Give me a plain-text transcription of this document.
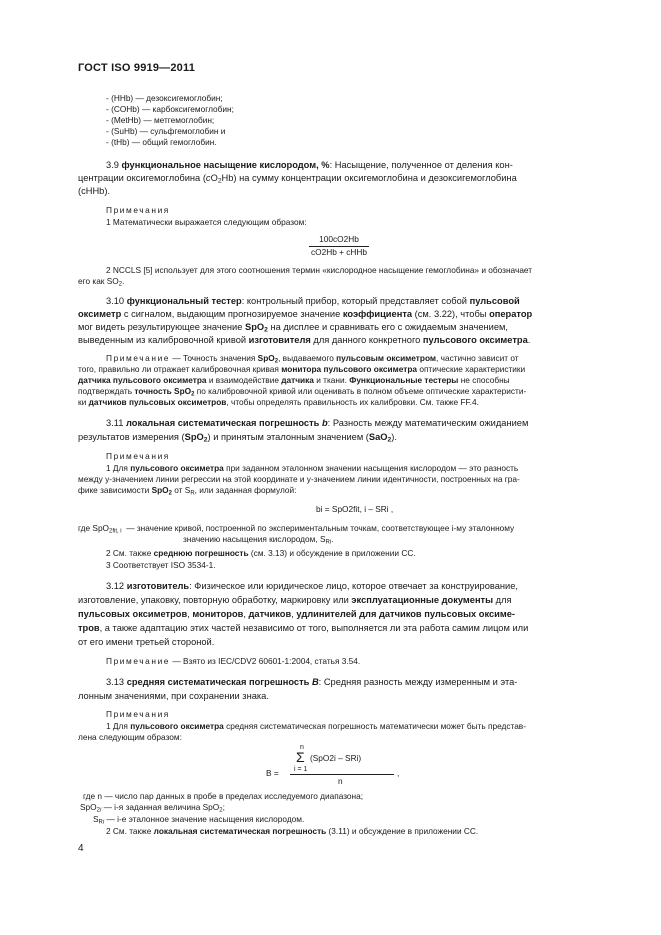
ГОСТ ISO 9919—2011
- (HHb) — дезоксигемоглобин;
- (COHb) — карбоксигемоглобин;
- (MetHb) — метгемоглобин;
- (SuHb) — сульфгемоглобин и
- (tHb) — общий гемоглобин.
3.9 функциональное насыщение кислородом, %: Насыщение, полученное от деления кон-
центрации оксигемоглобина $(cO_2Hb)$ на сумму концентрации оксигемоглобина и дезоксигемоглобина
(cHHb).
Примечания
1 Математически выражается следующим образом:
100cO2Hb
cO2Hb + cHHb
2 NCCLS [5] использует для этого соотношения термин «кислородное насыщение гемоглобина» и обозначает
его как $SO_2$.
3.10 функциональный тестер: контрольный прибор, который представляет собой пульсовой
оксиметр с сигналом, выдающим прогнозируемое значение коэффициента (см. 3.22), чтобы оператор
мог видеть результирующее значение SpO$_2$ на дисплее и сравнивать его с ожидаемым значением,
выведенным из калибровочной кривой изготовителя для данного конкретного пульсового оксиметра.
Примечание — Точность значения SpO$_2$, выдаваемого пульсовым оксиметром, частично зависит от
того, правильно ли отражает калибровочная кривая монитора пульсового оксиметра оптические характеристики
датчика пульсового оксиметра и взаимодействие датчика и ткани. Функциональные тестеры не способны
подтверждать точность SpO$_2$ по калибровочной кривой или оценивать в полном объеме оптические характеристи-
ки датчиков пульсовых оксиметров, чтобы определять правильность их калибровки. См. также FF.4.
3.11 локальная систематическая погрешность b: Разность между математическим ожиданием
результатов измерения (SpO$_2$) и принятым эталонным значением (SaO$_2$).
Примечания
1 Для пульсового оксиметра при заданном эталонном значении насыщения кислородом — это разность
между y-значением линии регрессии на этой координате и y-значением линии идентичности, построенных на гра-
фике зависимости SpO$_2$ от $S_R$, или заданная формулой:
bi = SpO2fit, i – SRi ,
где SpO$_{2fit, i}$ — значение кривой, построенной по экспериментальным точкам, соответствующее i-му эталонному
значению насыщения кислородом, $S_{Ri}$.
2 См. также среднюю погрешность (см. 3.13) и обсуждение в приложении CC.
3 Соответствует ISO 3534-1.
3.12 изготовитель: Физическое или юридическое лицо, которое отвечает за конструирование,
изготовление, упаковку, повторную обработку, маркировку или эксплуатационные документы для
пульсовых оксиметров, мониторов, датчиков, удлинителей для датчиков пульсовых оксиме-
тров, а также адаптацию этих частей независимо от того, выполняется ли эта работа самим лицом или
от его имени третьей стороной.
Примечание — Взято из IEC/CDV2 60601-1:2004, статья 3.54.
3.13 средняя систематическая погрешность B: Средняя разность между измеренным и эта-
лонным значениями, при сохранении знака.
Примечания
1 Для пульсового оксиметра средняя систематическая погрешность математически может быть представ-
лена следующим образом:
n
Σ (SpO2i – SRi)
i = 1
B =	,
n
где n — число пар данных в пробе в пределах исследуемого диапазона;
SpO$_{2i}$ — i-я заданная величина SpO$_2$;
$S_{Ri}$ — i-е эталонное значение насыщения кислородом.
2 См. также локальная систематическая погрешность (3.11) и обсуждение в приложении CC.
4
